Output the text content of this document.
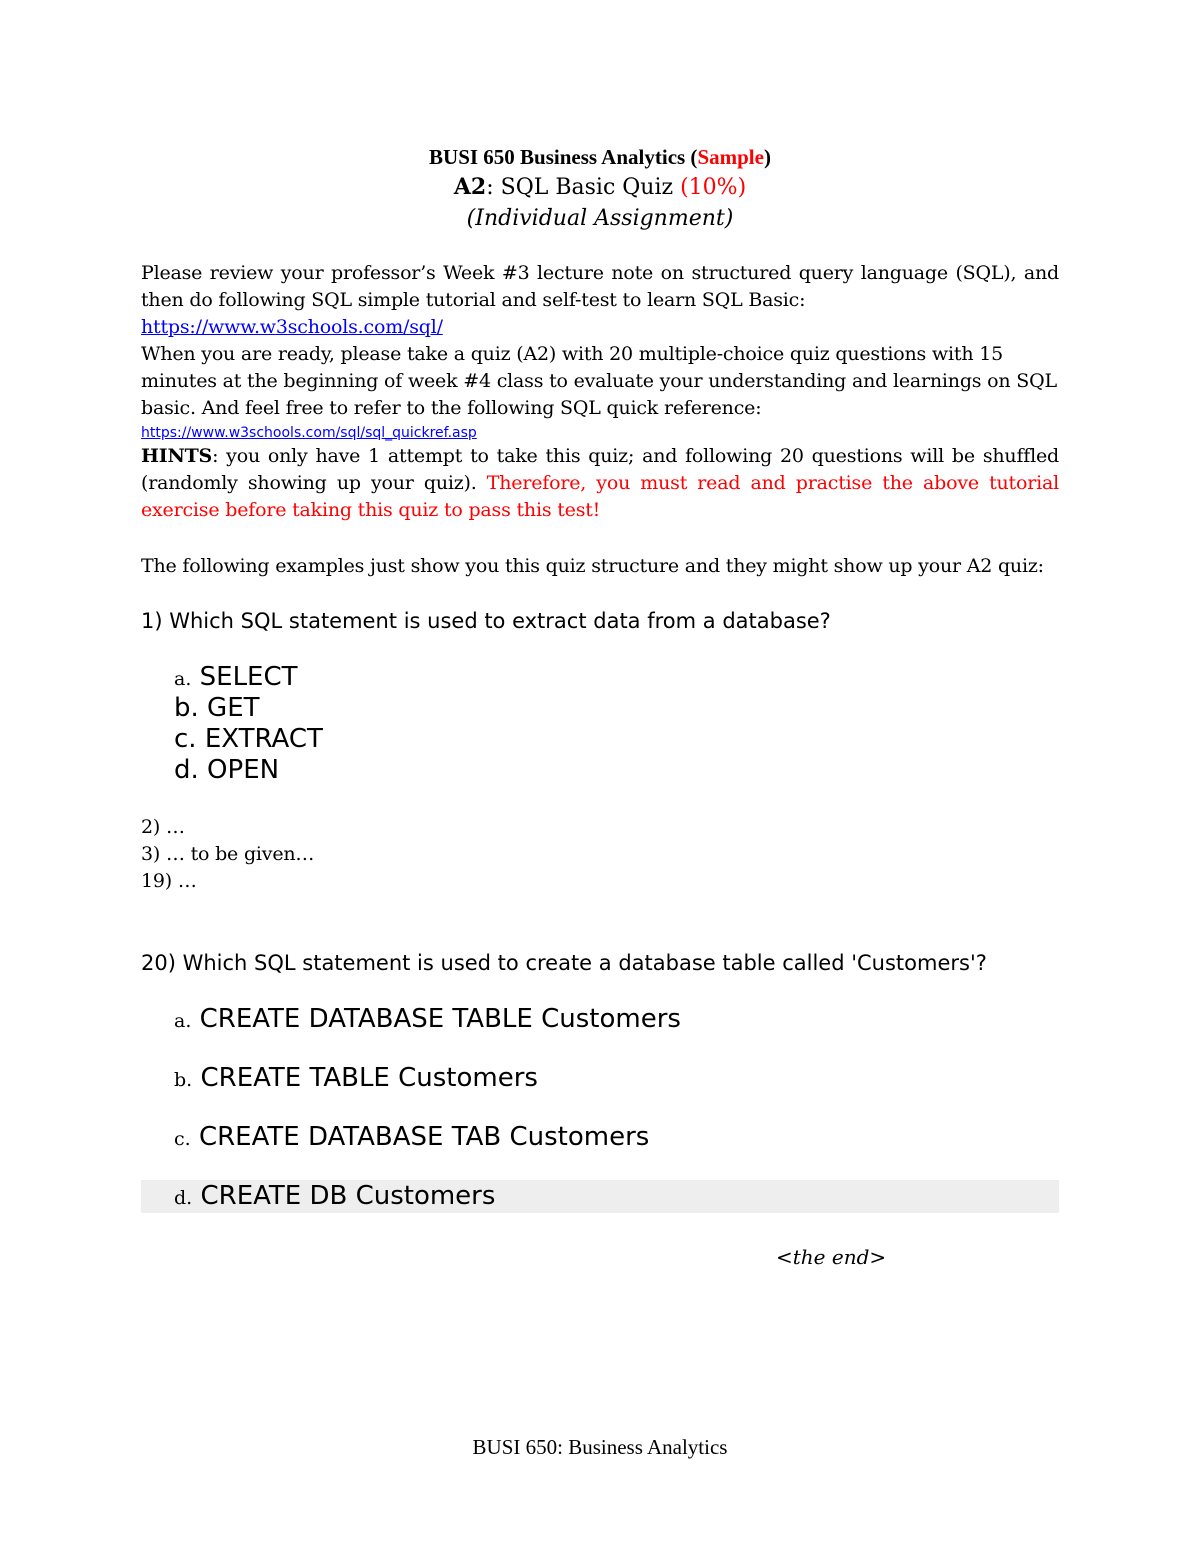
BUSI 650 Business Analytics (Sample)
A2: SQL Basic Quiz (10%)
(Individual Assignment)
Please review your professor’s Week #3 lecture note on structured query language (SQL), and
then do following SQL simple tutorial and self-test to learn SQL Basic:
https://www.w3schools.com/sql/
When you are ready, please take a quiz (A2) with 20 multiple-choice quiz questions with 15
minutes at the beginning of week #4 class to evaluate your understanding and learnings on SQL
basic. And feel free to refer to the following SQL quick reference:
https://www.w3schools.com/sql/sql_quickref.asp
HINTS: you only have 1 attempt to take this quiz; and following 20 questions will be shuffled
(randomly showing up your quiz). Therefore, you must read and practise the above tutorial
exercise before taking this quiz to pass this test!
The following examples just show you this quiz structure and they might show up your A2 quiz:
1) Which SQL statement is used to extract data from a database?
a. SELECT
b. GET
c. EXTRACT
d. OPEN
2) …
3) … to be given…
19) …
20) Which SQL statement is used to create a database table called 'Customers'?
a. CREATE DATABASE TABLE Customers
b. CREATE TABLE Customers
c. CREATE DATABASE TAB Customers
d. CREATE DB Customers
<the end>
BUSI 650: Business Analytics
